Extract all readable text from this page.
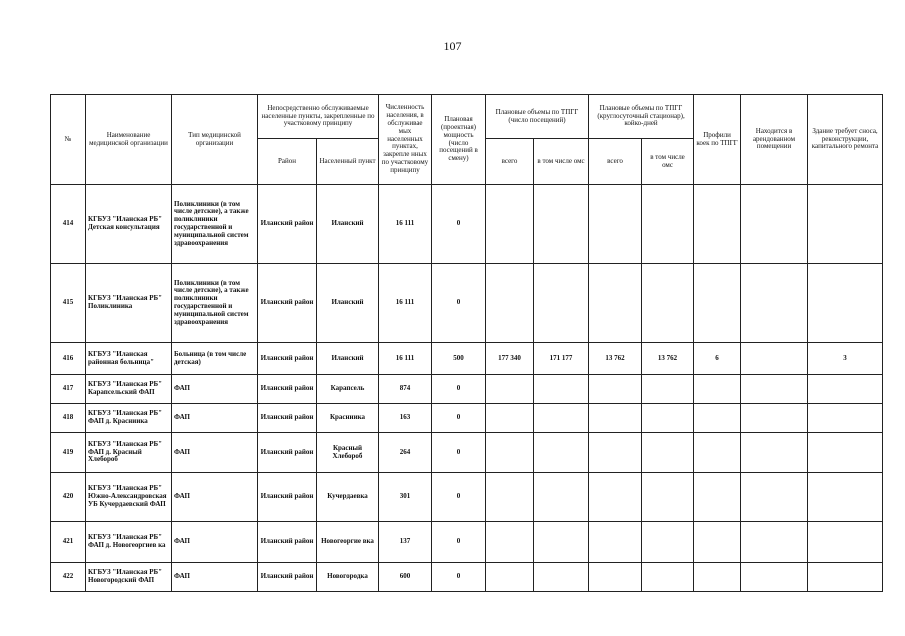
107
№	Наименование медицинской организации	Тип медицинской организации	Непосредственно обслуживаемые населенные пункты, закрепленные по участковому принципу		Численность населения, в обслуживае мых населенных пунктах, закрепле нных по участковому принципу	Плановая (проектная) мощность (число посещений в смену)	Плановые объемы по ТПГГ (число посещений)		Плановые объемы по ТПГГ (круглосуточный стационар), койко-дней		Профили коек по ТПГГ	Находится в арендованном помещении	Здание требует сноса, реконструкции, капитального ремонта
			Район	Населенный пункт			всего	в том числе омс	всего	в том числе омс			
414	КГБУЗ "Иланская РБ" Детская консультация	Поликлиники (в том числе детские), а также поликлиники государственной и муниципальной систем здравоохранения	Иланский район	Иланский	16 111	0							
415	КГБУЗ "Иланская РБ" Поликлиника	Поликлиники (в том числе детские), а также поликлиники государственной и муниципальной систем здравоохранения	Иланский район	Иланский	16 111	0							
416	КГБУЗ "Иланская районная больница"	Больница (в том числе детская)	Иланский район	Иланский	16 111	500	177 340	171 177	13 762	13 762	6		3
417	КГБУЗ "Иланская РБ" Карапсельский ФАП	ФАП	Иланский район	Карапсель	874	0							
418	КГБУЗ "Иланская РБ" ФАП д. Красниика	ФАП	Иланский район	Красниика	163	0							
419	КГБУЗ "Иланская РБ" ФАП д. Красный Хлебороб	ФАП	Иланский район	Красный Хлебороб	264	0							
420	КГБУЗ "Иланская РБ" Южно-Александровская УБ Кучердаевский ФАП	ФАП	Иланский район	Кучердаевка	301	0							
421	КГБУЗ "Иланская РБ" ФАП д. Новогеоргиев ка	ФАП	Иланский район	Новогеоргие вка	137	0							
422	КГБУЗ "Иланская РБ" Новогородский ФАП	ФАП	Иланский район	Новогородка	600	0							
